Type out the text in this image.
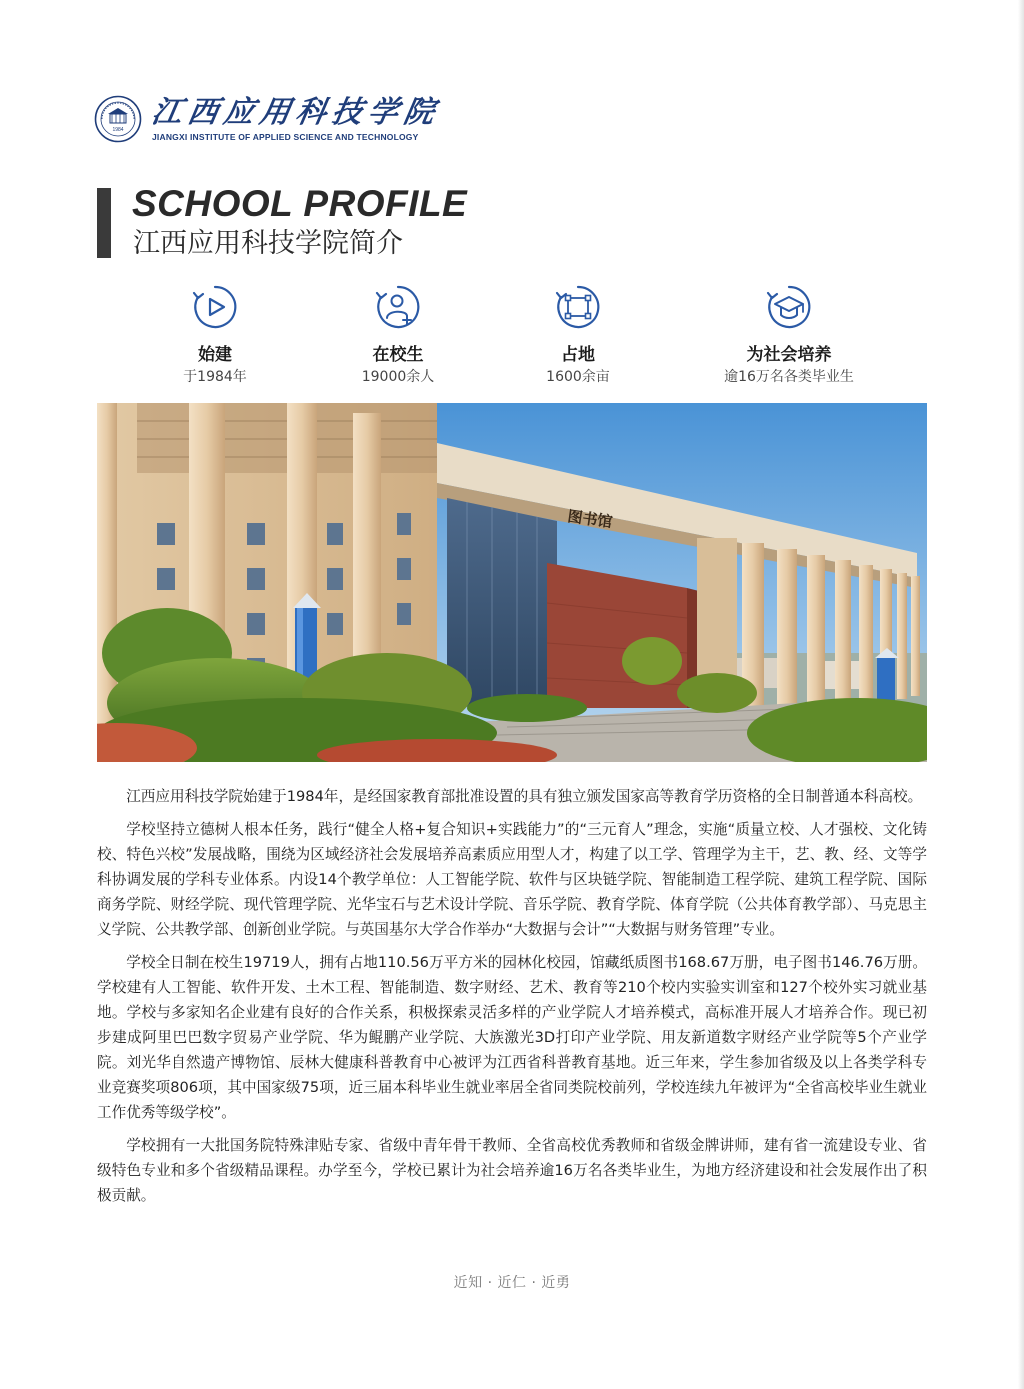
1984 江西应用科技学院
JIANGXI INSTITUTE OF APPLIED SCIENCE AND TECHNOLOGY
SCHOOL PROFILE
江西应用科技学院简介
始建
于1984年
在校生
19000余人
占地
1600余亩
为社会培养
逾16万名各类毕业生
图书馆

江西应用科技学院始建于1984年，是经国家教育部批准设置的具有独立颁发国家高等教育学历资格的全日制普通本科高校。

学校坚持立德树人根本任务，践行“健全人格+复合知识+实践能力”的“三元育人”理念，实施“质量立校、人才强校、文化铸校、特色兴校”发展战略，围绕为区域经济社会发展培养高素质应用型人才，构建了以工学、管理学为主干，艺、教、经、文等学科协调发展的学科专业体系。内设14个教学单位：人工智能学院、软件与区块链学院、智能制造工程学院、建筑工程学院、国际商务学院、财经学院、现代管理学院、光华宝石与艺术设计学院、音乐学院、教育学院、体育学院（公共体育教学部）、马克思主义学院、公共教学部、创新创业学院。与英国基尔大学合作举办“大数据与会计”“大数据与财务管理”专业。

学校全日制在校生19719人，拥有占地110.56万平方米的园林化校园，馆藏纸质图书168.67万册，电子图书146.76万册。学校建有人工智能、软件开发、土木工程、智能制造、数字财经、艺术、教育等210个校内实验实训室和127个校外实习就业基地。学校与多家知名企业建有良好的合作关系，积极探索灵活多样的产业学院人才培养模式，高标准开展人才培养合作。现已初步建成阿里巴巴数字贸易产业学院、华为鲲鹏产业学院、大族激光3D打印产业学院、用友新道数字财经产业学院等5个产业学院。刘光华自然遗产博物馆、辰林大健康科普教育中心被评为江西省科普教育基地。近三年来，学生参加省级及以上各类学科专业竞赛奖项806项，其中国家级75项，近三届本科毕业生就业率居全省同类院校前列，学校连续九年被评为“全省高校毕业生就业工作优秀等级学校”。

学校拥有一大批国务院特殊津贴专家、省级中青年骨干教师、全省高校优秀教师和省级金牌讲师，建有省一流建设专业、省级特色专业和多个省级精品课程。办学至今，学校已累计为社会培养逾16万名各类毕业生，为地方经济建设和社会发展作出了积极贡献。

近知 · 近仁 · 近勇
